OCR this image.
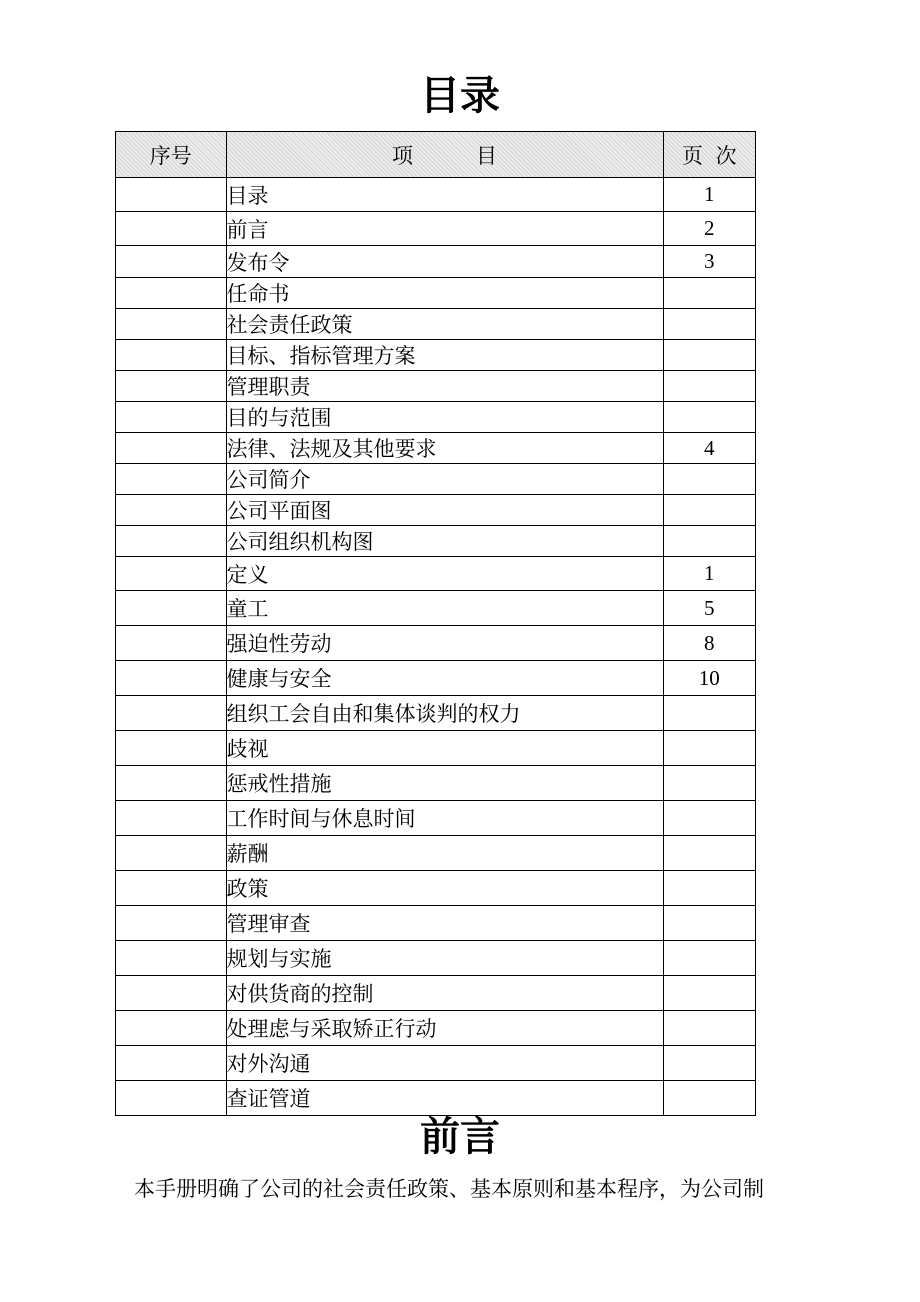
目录
序号	项　　　目	页 次
	目录	1
	前言	2
	发布令	3
	任命书	
	社会责任政策	
	目标、指标管理方案	
	管理职责	
	目的与范围	
	法律、法规及其他要求	4
	公司简介	
	公司平面图	
	公司组织机构图	
	定义	1
	童工	5
	强迫性劳动	8
	健康与安全	10
	组织工会自由和集体谈判的权力	
	歧视	
	惩戒性措施	
	工作时间与休息时间	
	薪酬	
	政策	
	管理审查	
	规划与实施	
	对供货商的控制	
	处理虑与采取矫正行动	
	对外沟通	
	查证管道	
前言
本手册明确了公司的社会责任政策、基本原则和基本程序，为公司制
